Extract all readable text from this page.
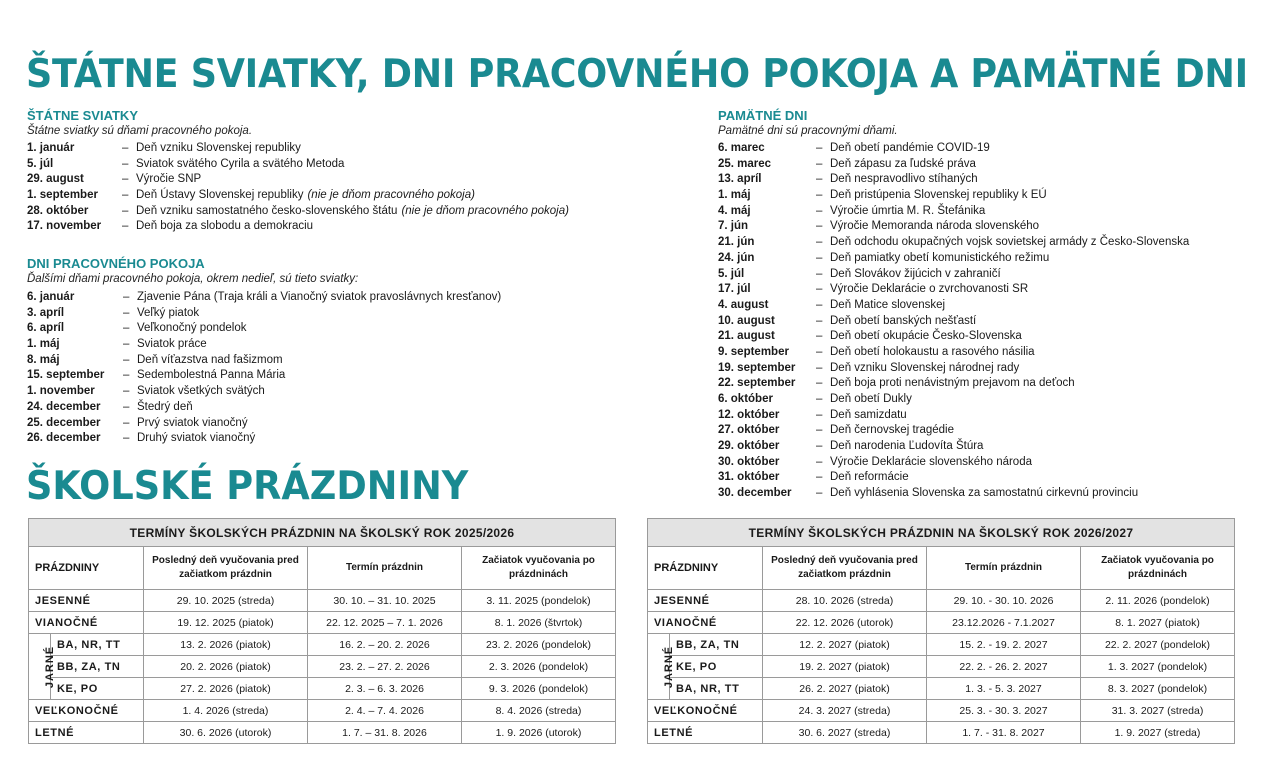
ŠTÁTNE SVIATKY, DNI PRACOVNÉHO POKOJA A PAMÄTNÉ DNI
ŠTÁTNE SVIATKY

Štátne sviatky sú dňami pracovného pokoja.

1. január	– Deň vzniku Slovenskej republiky
5. júl	– Sviatok svätého Cyrila a svätého Metoda
29. august	– Výročie SNP
1. september	– Deň Ústavy Slovenskej republiky (nie je dňom pracovného pokoja)
28. október	– Deň vzniku samostatného česko-slovenského štátu (nie je dňom pracovného pokoja)
17. november	– Deň boja za slobodu a demokraciu
DNI PRACOVNÉHO POKOJA

Ďalšími dňami pracovného pokoja, okrem nedieľ, sú tieto sviatky:

6. január	– Zjavenie Pána (Traja králi a Vianočný sviatok pravoslávnych kresťanov)
3. apríl	– Veľký piatok
6. apríl	– Veľkonočný pondelok
1. máj	– Sviatok práce
8. máj	– Deň víťazstva nad fašizmom
15. september	– Sedembolestná Panna Mária
1. november	– Sviatok všetkých svätých
24. december	– Štedrý deň
25. december	– Prvý sviatok vianočný
26. december	– Druhý sviatok vianočný
PAMÄTNÉ DNI

Pamätné dni sú pracovnými dňami.

6. marec	– Deň obetí pandémie COVID-19
25. marec	– Deň zápasu za ľudské práva
13. apríl	– Deň nespravodlivo stíhaných
1. máj	– Deň pristúpenia Slovenskej republiky k EÚ
4. máj	– Výročie úmrtia M. R. Štefánika
7. jún	– Výročie Memoranda národa slovenského
21. jún	– Deň odchodu okupačných vojsk sovietskej armády z Česko-Slovenska
24. jún	– Deň pamiatky obetí komunistického režimu
5. júl	– Deň Slovákov žijúcich v zahraničí
17. júl	– Výročie Deklarácie o zvrchovanosti SR
4. august	– Deň Matice slovenskej
10. august	– Deň obetí banských nešťastí
21. august	– Deň obetí okupácie Česko-Slovenska
9. september	– Deň obetí holokaustu a rasového násilia
19. september	– Deň vzniku Slovenskej národnej rady
22. september	– Deň boja proti nenávistným prejavom na deťoch
6. október	– Deň obetí Dukly
12. október	– Deň samizdatu
27. október	– Deň černovskej tragédie
29. október	– Deň narodenia Ľudovíta Štúra
30. október	– Výročie Deklarácie slovenského národa
31. október	– Deň reformácie
30. december	– Deň vyhlásenia Slovenska za samostatnú cirkevnú provinciu
ŠKOLSKÉ PRÁZDNINY
TERMÍNY ŠKOLSKÝCH PRÁZDNIN NA ŠKOLSKÝ ROK 2025/2026				
PRÁZDNINY		Posledný deň vyučovania pred začiatkom prázdnin	Termín prázdnin	Začiatok vyučovania po prázdninách
JESENNÉ		29. 10. 2025 (streda)	30. 10. – 31. 10. 2025	3. 11. 2025 (pondelok)
VIANOČNÉ		19. 12. 2025 (piatok)	22. 12. 2025 – 7. 1. 2026	8. 1. 2026 (štvrtok)
JARNÉ	BA, NR, TT	13. 2. 2026 (piatok)	16. 2. – 20. 2. 2026	23. 2. 2026 (pondelok)
	BB, ZA, TN	20. 2. 2026 (piatok)	23. 2. – 27. 2. 2026	2. 3. 2026 (pondelok)
	KE, PO	27. 2. 2026 (piatok)	2. 3. – 6. 3. 2026	9. 3. 2026 (pondelok)
VEĽKONOČNÉ		1. 4. 2026 (streda)	2. 4. – 7. 4. 2026	8. 4. 2026 (streda)
LETNÉ		30. 6. 2026 (utorok)	1. 7. – 31. 8. 2026	1. 9. 2026 (utorok)
TERMÍNY ŠKOLSKÝCH PRÁZDNIN NA ŠKOLSKÝ ROK 2026/2027				
PRÁZDNINY		Posledný deň vyučovania pred začiatkom prázdnin	Termín prázdnin	Začiatok vyučovania po prázdninách
JESENNÉ		28. 10. 2026 (streda)	29. 10. - 30. 10. 2026	2. 11. 2026 (pondelok)
VIANOČNÉ		22. 12. 2026 (utorok)	23.12.2026 - 7.1.2027	8. 1. 2027 (piatok)
JARNÉ	BB, ZA, TN	12. 2. 2027 (piatok)	15. 2. - 19. 2. 2027	22. 2. 2027 (pondelok)
	KE, PO	19. 2. 2027 (piatok)	22. 2. - 26. 2. 2027	1. 3. 2027 (pondelok)
	BA, NR, TT	26. 2. 2027 (piatok)	1. 3. - 5. 3. 2027	8. 3. 2027 (pondelok)
VEĽKONOČNÉ		24. 3. 2027 (streda)	25. 3. - 30. 3. 2027	31. 3. 2027 (streda)
LETNÉ		30. 6. 2027 (streda)	1. 7. - 31. 8. 2027	1. 9. 2027 (streda)
